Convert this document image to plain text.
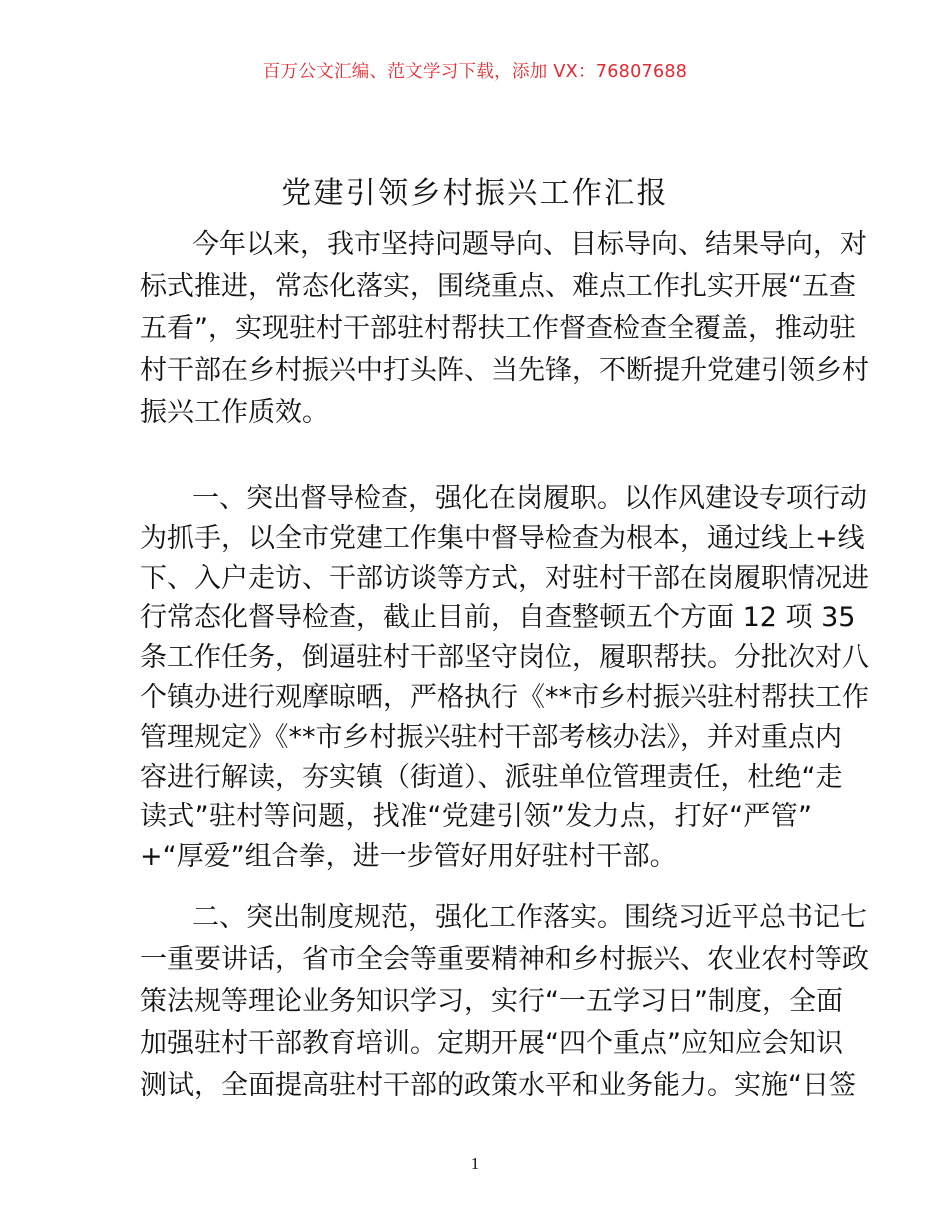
百万公文汇编、范文学习下载，添加 VX：76807688
党建引领乡村振兴工作汇报
今年以来，我市坚持问题导向、目标导向、结果导向，对
标式推进，常态化落实，围绕重点、难点工作扎实开展“五查
五看”，实现驻村干部驻村帮扶工作督查检查全覆盖，推动驻
村干部在乡村振兴中打头阵、当先锋，不断提升党建引领乡村
振兴工作质效。
一、突出督导检查，强化在岗履职。以作风建设专项行动
为抓手，以全市党建工作集中督导检查为根本，通过线上+线
下、入户走访、干部访谈等方式，对驻村干部在岗履职情况进
行常态化督导检查，截止目前，自查整顿五个方面 12 项 35
条工作任务，倒逼驻村干部坚守岗位，履职帮扶。分批次对八
个镇办进行观摩晾晒，严格执行《**市乡村振兴驻村帮扶工作
管理规定》《**市乡村振兴驻村干部考核办法》，并对重点内
容进行解读，夯实镇（街道）、派驻单位管理责任，杜绝“走
读式”驻村等问题，找准“党建引领”发力点，打好“严管”
+“厚爱”组合拳，进一步管好用好驻村干部。
二、突出制度规范，强化工作落实。围绕习近平总书记七
一重要讲话，省市全会等重要精神和乡村振兴、农业农村等政
策法规等理论业务知识学习，实行“一五学习日”制度，全面
加强驻村干部教育培训。定期开展“四个重点”应知应会知识
测试，全面提高驻村干部的政策水平和业务能力。实施“日签
1
